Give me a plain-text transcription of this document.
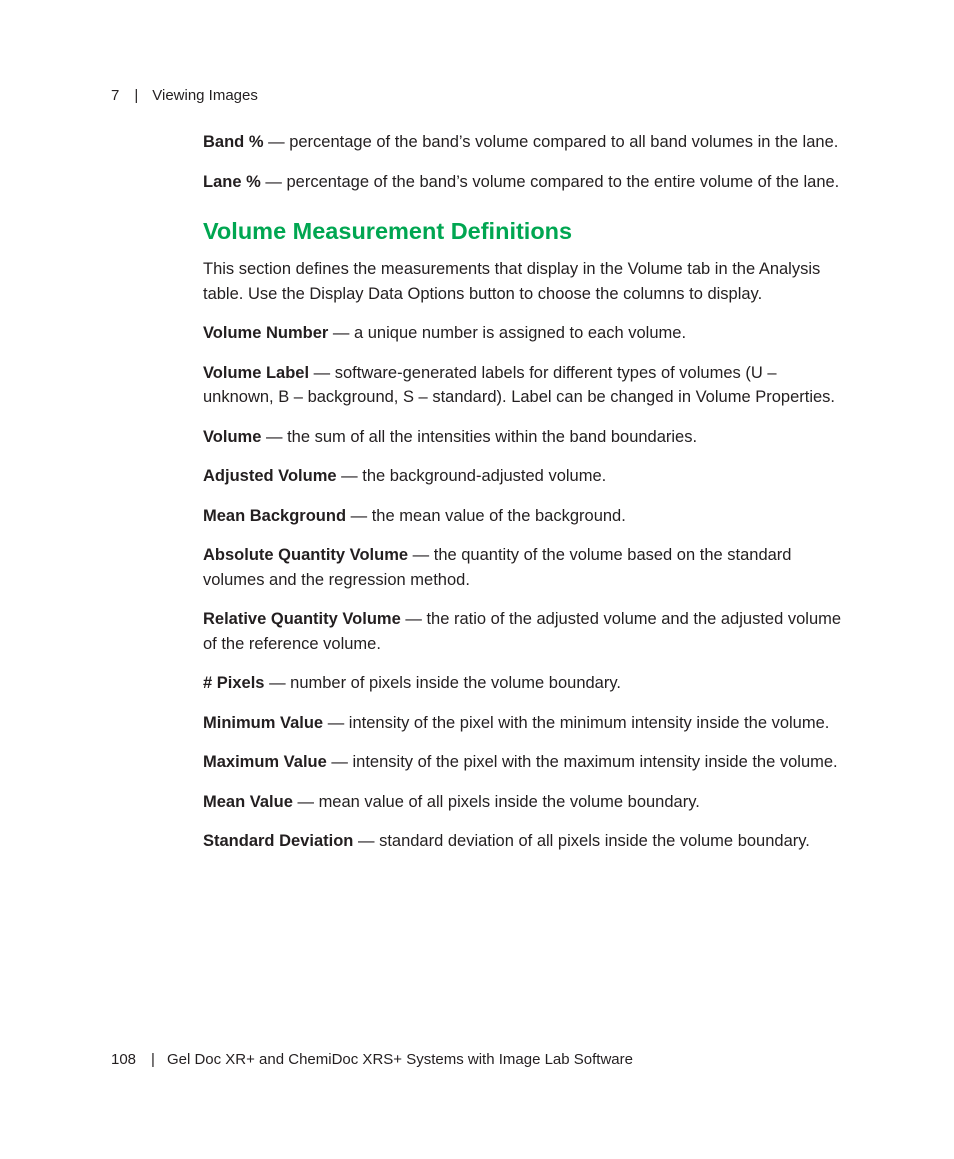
7 | Viewing Images

Band % — percentage of the band’s volume compared to all band volumes in the lane.

Lane % — percentage of the band’s volume compared to the entire volume of the lane.

Volume Measurement Definitions

This section defines the measurements that display in the Volume tab in the Analysis table. Use the Display Data Options button to choose the columns to display.

Volume Number — a unique number is assigned to each volume.

Volume Label — software-generated labels for different types of volumes (U – unknown, B – background, S – standard). Label can be changed in Volume Properties.

Volume — the sum of all the intensities within the band boundaries.

Adjusted Volume — the background-adjusted volume.

Mean Background — the mean value of the background.

Absolute Quantity Volume — the quantity of the volume based on the standard volumes and the regression method.

Relative Quantity Volume — the ratio of the adjusted volume and the adjusted volume of the reference volume.

# Pixels — number of pixels inside the volume boundary.

Minimum Value — intensity of the pixel with the minimum intensity inside the volume.

Maximum Value — intensity of the pixel with the maximum intensity inside the volume.

Mean Value — mean value of all pixels inside the volume boundary.

Standard Deviation — standard deviation of all pixels inside the volume boundary.

108 | Gel Doc XR+ and ChemiDoc XRS+ Systems with Image Lab Software
